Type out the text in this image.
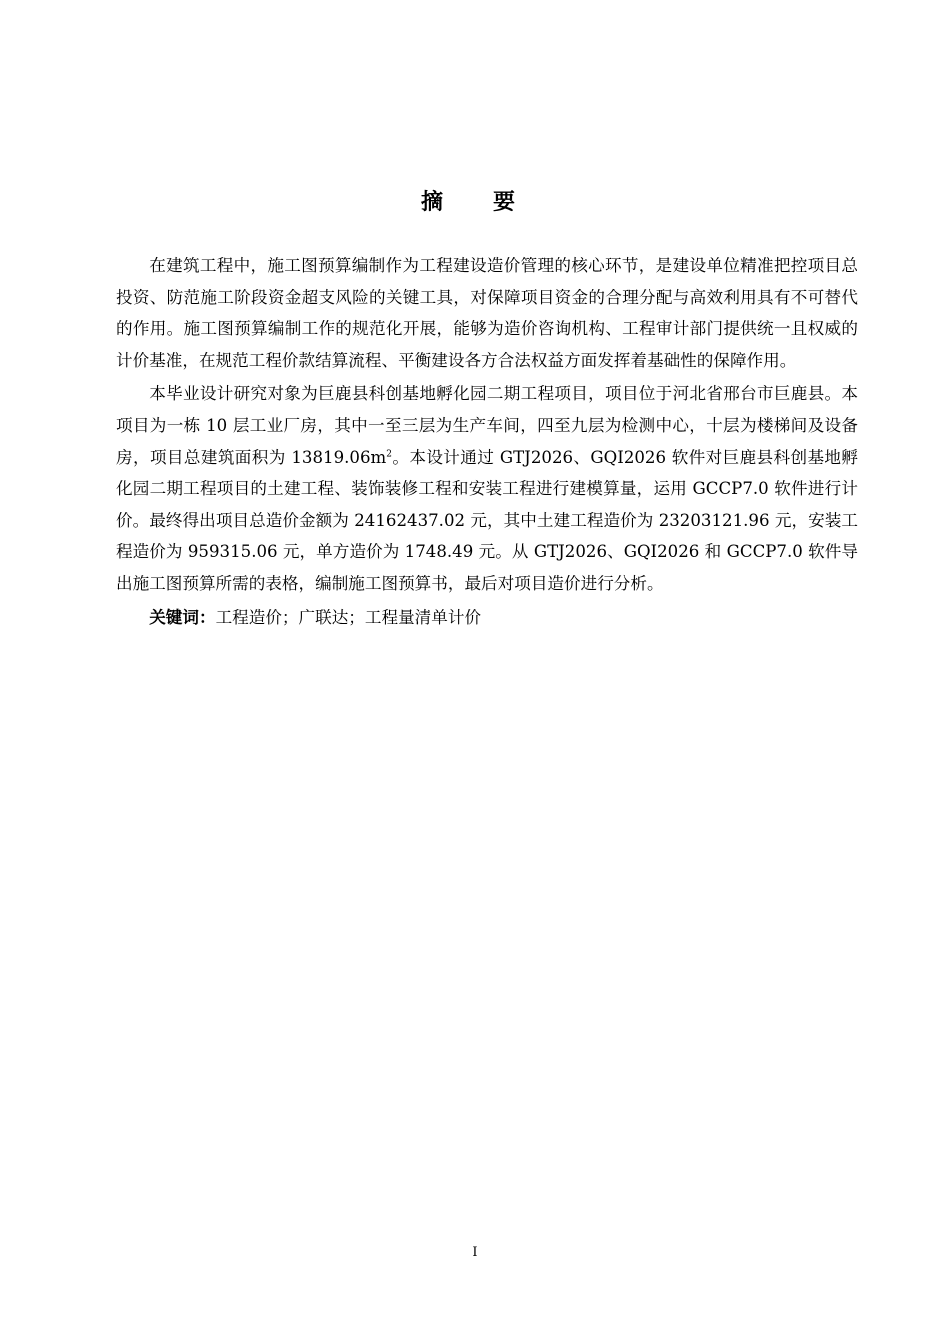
摘　要

在建筑工程中，施工图预算编制作为工程建设造价管理的核心环节，是建设单位精准把控项目总投资、防范施工阶段资金超支风险的关键工具，对保障项目资金的合理分配与高效利用具有不可替代的作用。施工图预算编制工作的规范化开展，能够为造价咨询机构、工程审计部门提供统一且权威的计价基准，在规范工程价款结算流程、平衡建设各方合法权益方面发挥着基础性的保障作用。

本毕业设计研究对象为巨鹿县科创基地孵化园二期工程项目，项目位于河北省邢台市巨鹿县。本项目为一栋 10 层工业厂房，其中一至三层为生产车间，四至九层为检测中心，十层为楼梯间及设备房，项目总建筑面积为 $13819.06m^2$。本设计通过 GTJ2026、GQI2026 软件对巨鹿县科创基地孵化园二期工程项目的土建工程、装饰装修工程和安装工程进行建模算量，运用 GCCP7.0 软件进行计价。最终得出项目总造价金额为 24162437.02 元，其中土建工程造价为 23203121.96 元，安装工程造价为 959315.06 元，单方造价为 1748.49 元。从 GTJ2026、GQI2026 和 GCCP7.0 软件导出施工图预算所需的表格，编制施工图预算书，最后对项目造价进行分析。

关键词：工程造价；广联达；工程量清单计价

I
